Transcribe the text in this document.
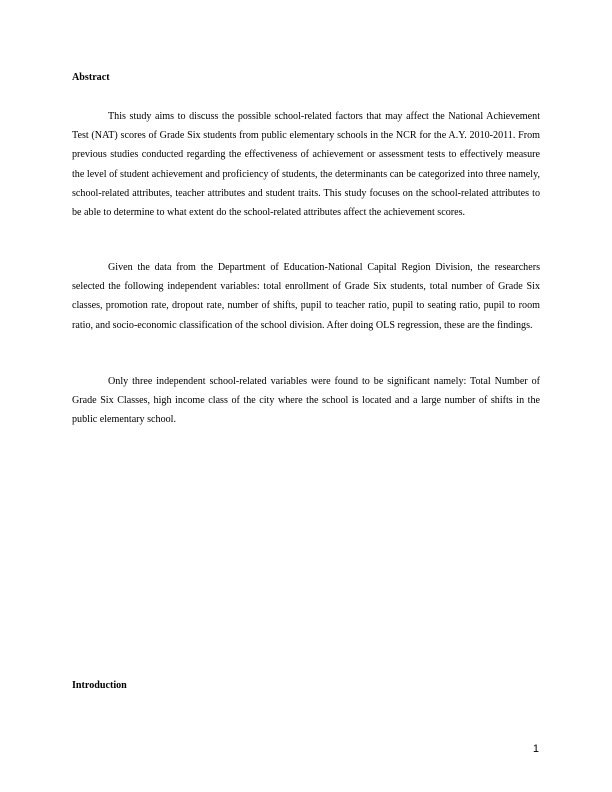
Abstract

This study aims to discuss the possible school-related factors that may affect the National Achievement Test (NAT) scores of Grade Six students from public elementary schools in the NCR for the A.Y. 2010-2011. From previous studies conducted regarding the effectiveness of achievement or assessment tests to effectively measure the level of student achievement and proficiency of students, the determinants can be categorized into three namely, school-related attributes, teacher attributes and student traits. This study focuses on the school-related attributes to be able to determine to what extent do the school-related attributes affect the achievement scores.

Given the data from the Department of Education-National Capital Region Division, the researchers selected the following independent variables: total enrollment of Grade Six students, total number of Grade Six classes, promotion rate, dropout rate, number of shifts, pupil to teacher ratio, pupil to seating ratio, pupil to room ratio, and socio-economic classification of the school division. After doing OLS regression, these are the findings.

Only three independent school-related variables were found to be significant namely: Total Number of Grade Six Classes, high income class of the city where the school is located and a large number of shifts in the public elementary school.

Introduction
1
